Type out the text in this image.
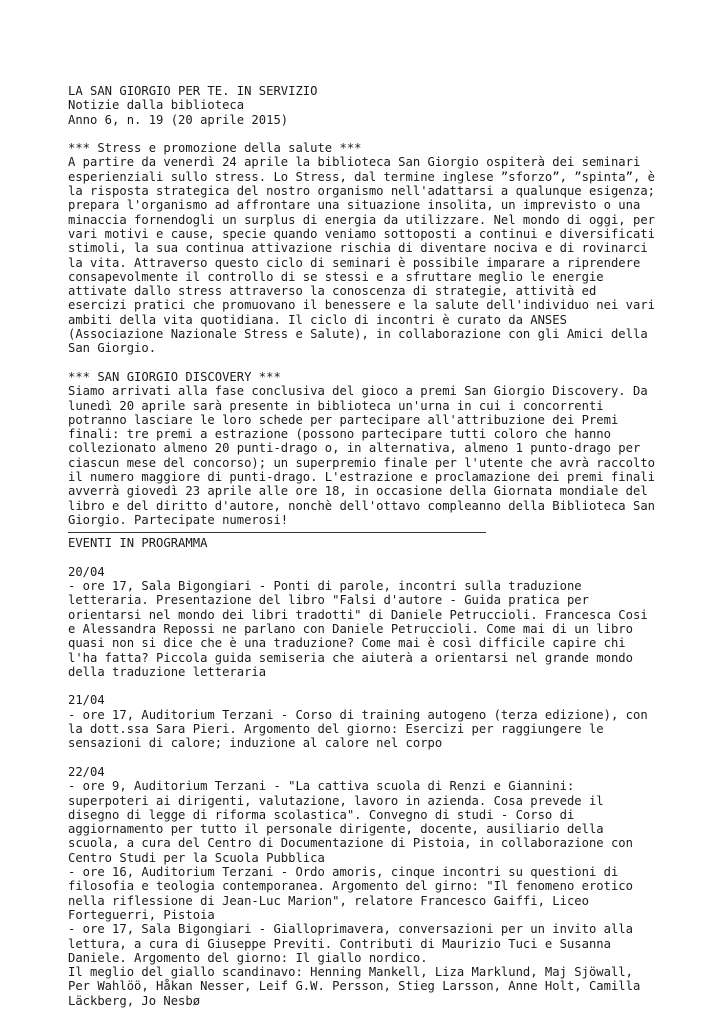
LA SAN GIORGIO PER TE. IN SERVIZIO
Notizie dalla biblioteca
Anno 6, n. 19 (20 aprile 2015)
*** Stress e promozione della salute ***
A partire da venerdì 24 aprile la biblioteca San Giorgio ospiterà dei seminari
esperienziali sullo stress. Lo Stress, dal termine inglese ”sforzo”, ”spinta”, è
la risposta strategica del nostro organismo nell'adattarsi a qualunque esigenza;
prepara l'organismo ad affrontare una situazione insolita, un imprevisto o una
minaccia fornendogli un surplus di energia da utilizzare. Nel mondo di oggi, per
vari motivi e cause, specie quando veniamo sottoposti a continui e diversificati
stimoli, la sua continua attivazione rischia di diventare nociva e di rovinarci
la vita. Attraverso questo ciclo di seminari è possibile imparare a riprendere
consapevolmente il controllo di se stessi e a sfruttare meglio le energie
attivate dallo stress attraverso la conoscenza di strategie, attività ed
esercizi pratici che promuovano il benessere e la salute dell'individuo nei vari
ambiti della vita quotidiana. Il ciclo di incontri è curato da ANSES
(Associazione Nazionale Stress e Salute), in collaborazione con gli Amici della
San Giorgio.
*** SAN GIORGIO DISCOVERY ***
Siamo arrivati alla fase conclusiva del gioco a premi San Giorgio Discovery. Da
lunedì 20 aprile sarà presente in biblioteca un'urna in cui i concorrenti
potranno lasciare le loro schede per partecipare all'attribuzione dei Premi
finali: tre premi a estrazione (possono partecipare tutti coloro che hanno
collezionato almeno 20 punti-drago o, in alternativa, almeno 1 punto-drago per
ciascun mese del concorso); un superpremio finale per l'utente che avrà raccolto
il numero maggiore di punti-drago. L'estrazione e proclamazione dei premi finali
avverrà giovedì 23 aprile alle ore 18, in occasione della Giornata mondiale del
libro e del diritto d'autore, nonchè dell'ottavo compleanno della Biblioteca San
Giorgio. Partecipate numerosi!
EVENTI IN PROGRAMMA
20/04
- ore 17, Sala Bigongiari - Ponti di parole, incontri sulla traduzione
letteraria. Presentazione del libro "Falsi d'autore - Guida pratica per
orientarsi nel mondo dei libri tradotti" di Daniele Petruccioli. Francesca Cosi
e Alessandra Repossi ne parlano con Daniele Petruccioli. Come mai di un libro
quasi non si dice che è una traduzione? Come mai è così difficile capire chi
l'ha fatta? Piccola guida semiseria che aiuterà a orientarsi nel grande mondo
della traduzione letteraria
21/04
- ore 17, Auditorium Terzani - Corso di training autogeno (terza edizione), con
la dott.ssa Sara Pieri. Argomento del giorno: Esercizi per raggiungere le
sensazioni di calore; induzione al calore nel corpo
22/04
- ore 9, Auditorium Terzani - "La cattiva scuola di Renzi e Giannini:
superpoteri ai dirigenti, valutazione, lavoro in azienda. Cosa prevede il
disegno di legge di riforma scolastica". Convegno di studi - Corso di
aggiornamento per tutto il personale dirigente, docente, ausiliario della
scuola, a cura del Centro di Documentazione di Pistoia, in collaborazione con
Centro Studi per la Scuola Pubblica
- ore 16, Auditorium Terzani - Ordo amoris, cinque incontri su questioni di
filosofia e teologia contemporanea. Argomento del girno: "Il fenomeno erotico
nella riflessione di Jean-Luc Marion", relatore Francesco Gaiffi, Liceo
Forteguerri, Pistoia
- ore 17, Sala Bigongiari - Gialloprimavera, conversazioni per un invito alla
lettura, a cura di Giuseppe Previti. Contributi di Maurizio Tuci e Susanna
Daniele. Argomento del giorno: Il giallo nordico.
Il meglio del giallo scandinavo: Henning Mankell, Liza Marklund, Maj Sjöwall,
Per Wahlöö, Håkan Nesser, Leif G.W. Persson, Stieg Larsson, Anne Holt, Camilla
Läckberg, Jo Nesbø
